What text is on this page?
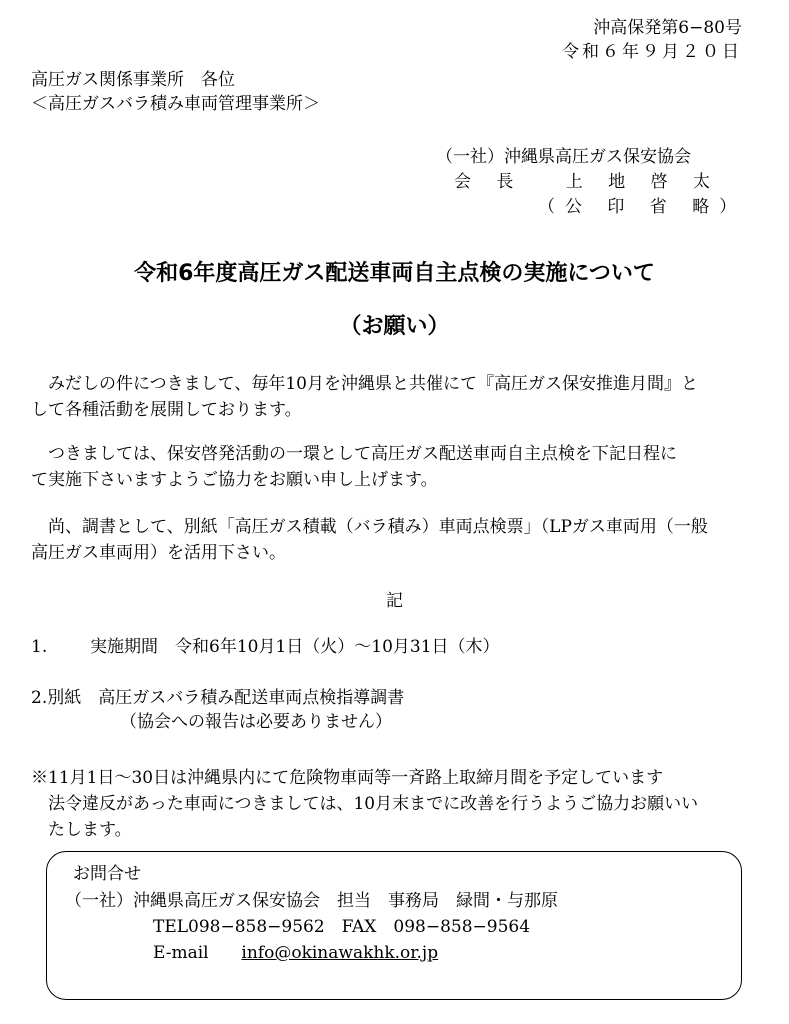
沖高保発第6−80号
令和６年９月２０日
高圧ガス関係事業所　各位
＜高圧ガスバラ積み車両管理事業所＞
（一社）沖縄県高圧ガス保安協会
会 長　 上 地 啓 太
（公 印 省 略）
令和6年度高圧ガス配送車両自主点検の実施について
（お願い）

みだしの件につきまして、毎年10月を沖縄県と共催にて『高圧ガス保安推進月間』と

して各種活動を展開しております。

つきましては、保安啓発活動の一環として高圧ガス配送車両自主点検を下記日程に

て実施下さいますようご協力をお願い申し上げます。

尚、調書として、別紙「高圧ガス積載（バラ積み）車両点検票」（LPガス車両用（一般

高圧ガス車両用）を活用下さい。

記
1.	実施期間　令和6年10月1日（火）〜10月31日（木）
2.別紙　高圧ガスバラ積み配送車両点検指導調書
（協会への報告は必要ありません）
※11月1日〜30日は沖縄県内にて危険物車両等一斉路上取締月間を予定しています
法令違反があった車両につきましては、10月末までに改善を行うようご協力お願いい
たします。
お問合せ
（一社）沖縄県高圧ガス保安協会　担当　事務局　緑間・与那原
TEL098−858−9562　FAX　098−858−9564
E-mail info@okinawakhk.or.jp
